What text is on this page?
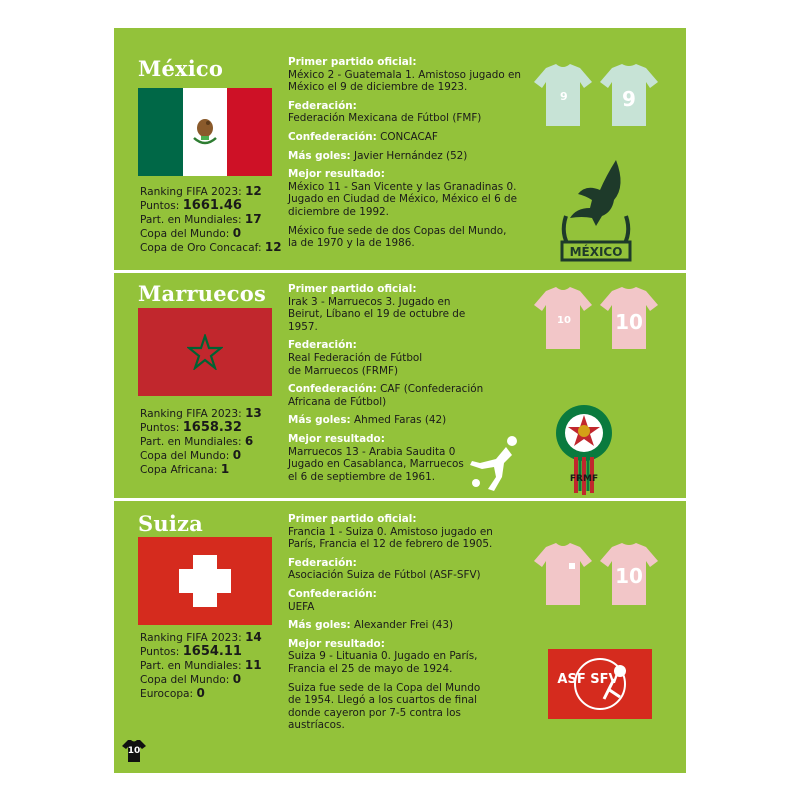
México
Ranking FIFA 2023: 12
Puntos: 1661.46
Part. en Mundiales: 17
Copa del Mundo: 0
Copa de Oro Concacaf: 12
Primer partido oficial:
México 2 - Guatemala 1. Amistoso jugado en México el 9 de diciembre de 1923.
Federación:
Federación Mexicana de Fútbol (FMF)
Confederación: CONCACAF
Más goles: Javier Hernández (52)
Mejor resultado:
México 11 - San Vicente y las Granadinas 0. Jugado en Ciudad de México, México el 6 de diciembre de 1992.
México fue sede de dos Copas del Mundo, la de 1970 y la de 1986.
9	9
MÉXICO
Marruecos
Ranking FIFA 2023: 13
Puntos: 1658.32
Part. en Mundiales: 6
Copa del Mundo: 0
Copa Africana: 1
Primer partido oficial:
Irak 3 - Marruecos 3. Jugado en Beirut, Líbano el 19 de octubre de 1957.
Federación:
Real Federación de Fútbol de Marruecos (FRMF)
Confederación: CAF (Confederación Africana de Fútbol)
Más goles: Ahmed Faras (42)
Mejor resultado:
Marruecos 13 - Arabia Saudita 0 Jugado en Casablanca, Marruecos el 6 de septiembre de 1961.
10 10
FRMF
Suiza
Ranking FIFA 2023: 14
Puntos: 1654.11
Part. en Mundiales: 11
Copa del Mundo: 0
Eurocopa: 0
Primer partido oficial:
Francia 1 - Suiza 0. Amistoso jugado en París, Francia el 12 de febrero de 1905.
Federación:
Asociación Suiza de Fútbol (ASF-SFV)
Confederación:
UEFA
Más goles: Alexander Frei (43)
Mejor resultado:
Suiza 9 - Lituania 0. Jugado en París, Francia el 25 de mayo de 1924.
Suiza fue sede de la Copa del Mundo de 1954. Llegó a los cuartos de final donde cayeron por 7-5 contra los austríacos.
10
ASF SFV
10
